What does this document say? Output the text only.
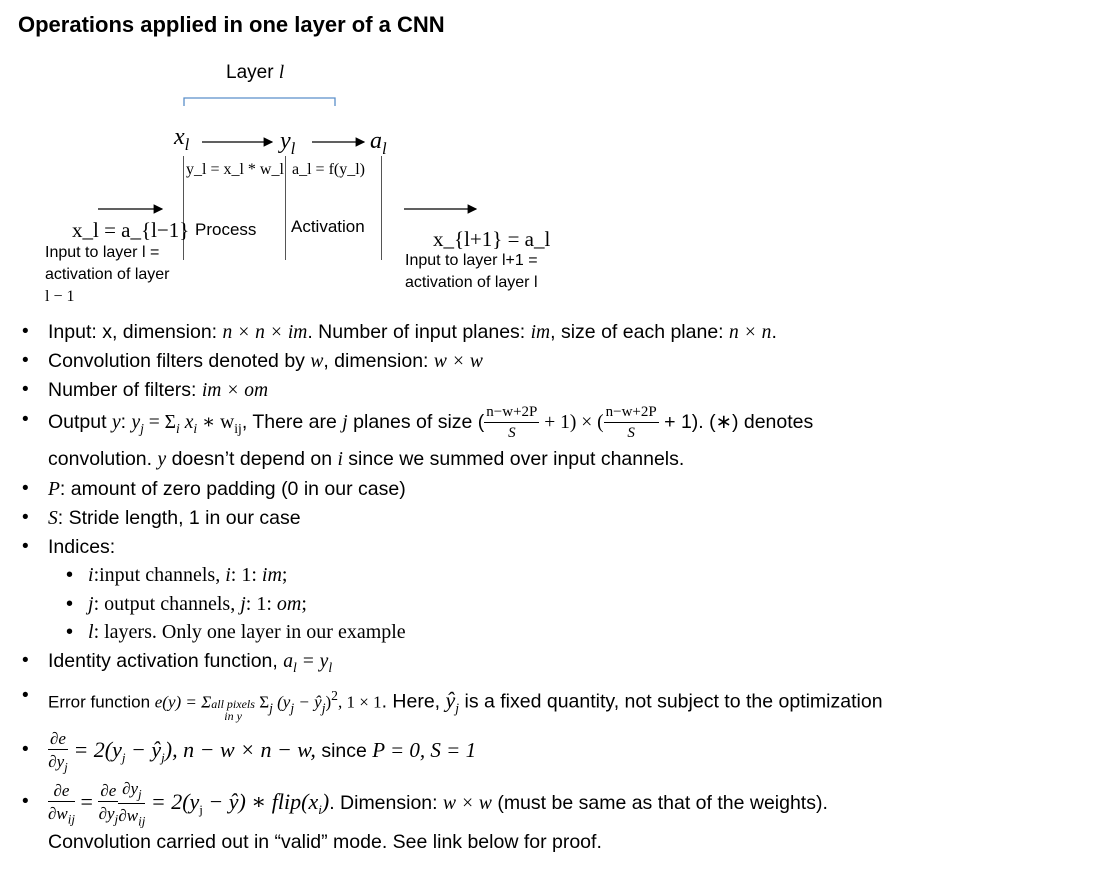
Operations applied in one layer of a CNN
Layer l
$x_l$	$y_l$	$a_l$
y_l = x_l * w_l a_l = f(y_l)
Process Activation
x_l = a_{l−1}
Input to layer l =
activation of layer
l − 1
x_{l+1} = a_l
Input to layer l+1 =
activation of layer l
• Input: x, dimension: n × n × im. Number of input planes: im, size of each plane: n × n.
• Convolution filters denoted by w, dimension: w × w
• Number of filters: im × om
• Output y: $y_j = \Sigma_i$ $x_i$ ∗ $w_{ij}$, There are j planes of size ( $\frac{n-w+2P}{S} + 1$) × ( $\frac{n-w+2P}{S} + 1$). (∗) denotes
convolution. y doesn’t depend on i since we summed over input channels.
• P: amount of zero padding (0 in our case)
• S: Stride length, 1 in our case
• Indices:
• i:input channels, i: 1: im;
• j: output channels, j: 1: om;
• l: layers. Only one layer in our example
• Identity activation function, $a_l = y_l$
• Error function e(y) = Σ all pixels
in y
$\Sigma_j$ ($y_j$ − $ŷ_j)^2$, 1 × 1. Here, $ŷ_j$ is a fixed quantity, not subject to the optimization
• $\frac{\partial e}{\partial y_j} = 2(y_j$ − $ŷ_j$), n − w × n − w, since P = 0, S = 1
• $\frac{\partial e}{\partial w_{ij}} = \frac{\partial e}{\partial y_j} \frac{\partial y_j}{\partial w_{ij}} = 2(y_j$ − ŷ) ∗ $flip(x_i)$. Dimension: w × w (must be same as that of the weights).
Convolution carried out in “valid” mode. See link below for proof.
